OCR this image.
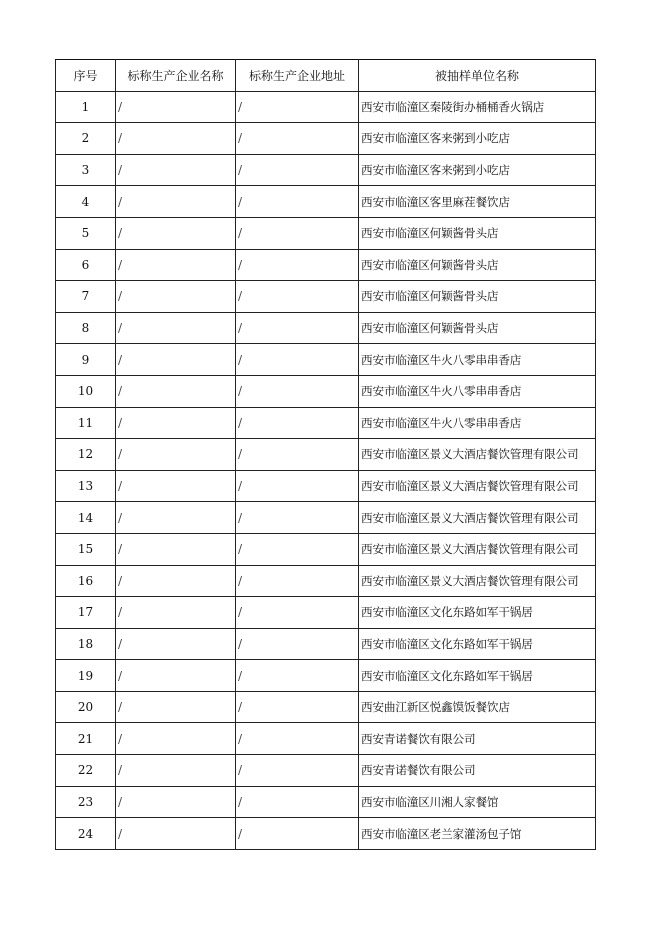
序号	标称生产企业名称	标称生产企业地址	被抽样单位名称
1	/	/	西安市临潼区秦陵街办桶桶香火锅店
2	/	/	西安市临潼区客来粥到小吃店
3	/	/	西安市临潼区客来粥到小吃店
4	/	/	西安市临潼区客里麻茬餐饮店
5	/	/	西安市临潼区何颖酱骨头店
6	/	/	西安市临潼区何颖酱骨头店
7	/	/	西安市临潼区何颖酱骨头店
8	/	/	西安市临潼区何颖酱骨头店
9	/	/	西安市临潼区牛火八零串串香店
10	/	/	西安市临潼区牛火八零串串香店
11	/	/	西安市临潼区牛火八零串串香店
12	/	/	西安市临潼区景义大酒店餐饮管理有限公司
13	/	/	西安市临潼区景义大酒店餐饮管理有限公司
14	/	/	西安市临潼区景义大酒店餐饮管理有限公司
15	/	/	西安市临潼区景义大酒店餐饮管理有限公司
16	/	/	西安市临潼区景义大酒店餐饮管理有限公司
17	/	/	西安市临潼区文化东路如军干锅居
18	/	/	西安市临潼区文化东路如军干锅居
19	/	/	西安市临潼区文化东路如军干锅居
20	/	/	西安曲江新区悦鑫馍饭餐饮店
21	/	/	西安青诺餐饮有限公司
22	/	/	西安青诺餐饮有限公司
23	/	/	西安市临潼区川湘人家餐馆
24	/	/	西安市临潼区老兰家灌汤包子馆
